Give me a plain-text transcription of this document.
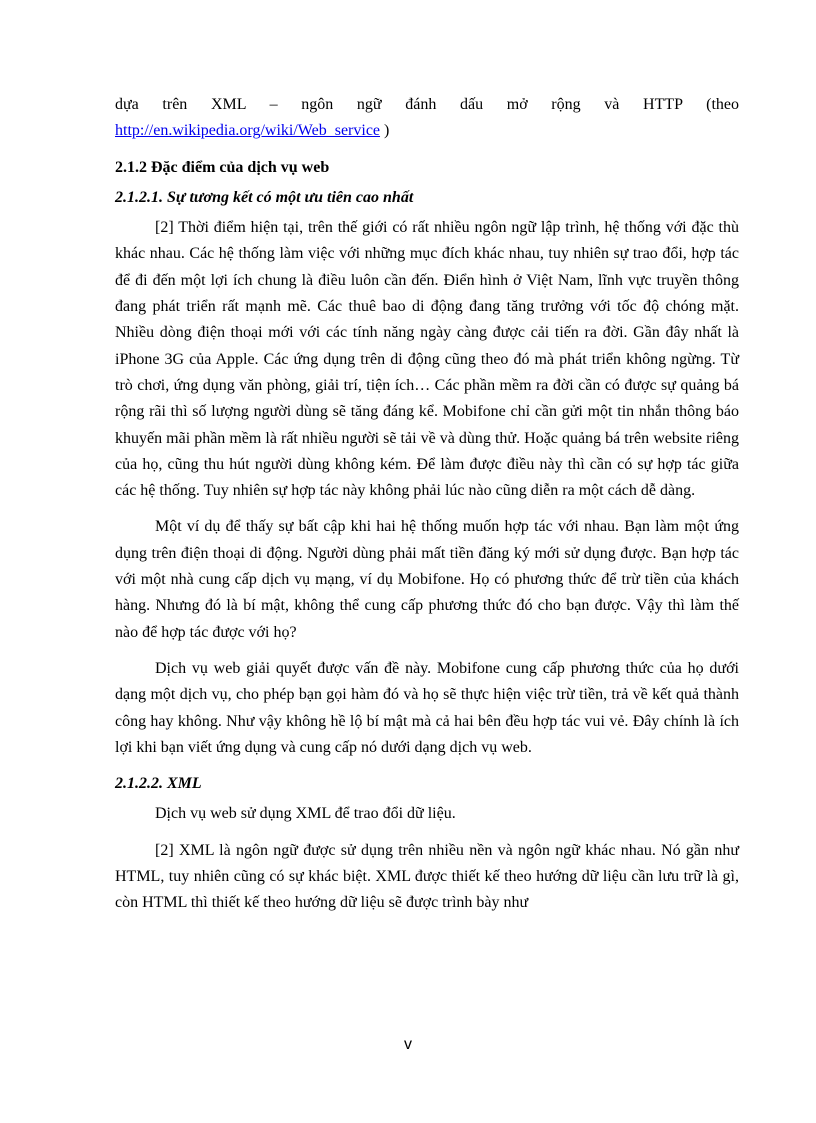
dựa trên XML – ngôn ngữ đánh dấu mở rộng và HTTP (theo

http://en.wikipedia.org/wiki/Web_service )

2.1.2 Đặc điểm của dịch vụ web

2.1.2.1. Sự tương kết có một ưu tiên cao nhất

[2] Thời điểm hiện tại, trên thế giới có rất nhiều ngôn ngữ lập trình, hệ thống với đặc thù khác nhau. Các hệ thống làm việc với những mục đích khác nhau, tuy nhiên sự trao đổi, hợp tác để đi đến một lợi ích chung là điều luôn cần đến. Điển hình ở Việt Nam, lĩnh vực truyền thông đang phát triển rất mạnh mẽ. Các thuê bao di động đang tăng trưởng với tốc độ chóng mặt. Nhiều dòng điện thoại mới với các tính năng ngày càng được cải tiến ra đời. Gần đây nhất là iPhone 3G của Apple. Các ứng dụng trên di động cũng theo đó mà phát triển không ngừng. Từ trò chơi, ứng dụng văn phòng, giải trí, tiện ích… Các phần mềm ra đời cần có được sự quảng bá rộng rãi thì số lượng người dùng sẽ tăng đáng kể. Mobifone chỉ cần gửi một tin nhắn thông báo khuyến mãi phần mềm là rất nhiều người sẽ tải về và dùng thử. Hoặc quảng bá trên website riêng của họ, cũng thu hút người dùng không kém. Để làm được điều này thì cần có sự hợp tác giữa các hệ thống. Tuy nhiên sự hợp tác này không phải lúc nào cũng diễn ra một cách dễ dàng.

Một ví dụ để thấy sự bất cập khi hai hệ thống muốn hợp tác với nhau. Bạn làm một ứng dụng trên điện thoại di động. Người dùng phải mất tiền đăng ký mới sử dụng được. Bạn hợp tác với một nhà cung cấp dịch vụ mạng, ví dụ Mobifone. Họ có phương thức để trừ tiền của khách hàng. Nhưng đó là bí mật, không thể cung cấp phương thức đó cho bạn được. Vậy thì làm thế nào để hợp tác được với họ?

Dịch vụ web giải quyết được vấn đề này. Mobifone cung cấp phương thức của họ dưới dạng một dịch vụ, cho phép bạn gọi hàm đó và họ sẽ thực hiện việc trừ tiền, trả về kết quả thành công hay không. Như vậy không hề lộ bí mật mà cả hai bên đều hợp tác vui vẻ. Đây chính là ích lợi khi bạn viết ứng dụng và cung cấp nó dưới dạng dịch vụ web.

2.1.2.2. XML

Dịch vụ web sử dụng XML để trao đổi dữ liệu.

[2] XML là ngôn ngữ được sử dụng trên nhiều nền và ngôn ngữ khác nhau. Nó gần như HTML, tuy nhiên cũng có sự khác biệt. XML được thiết kế theo hướng dữ liệu cần lưu trữ là gì, còn HTML thì thiết kế theo hướng dữ liệu sẽ được trình bày như

v
